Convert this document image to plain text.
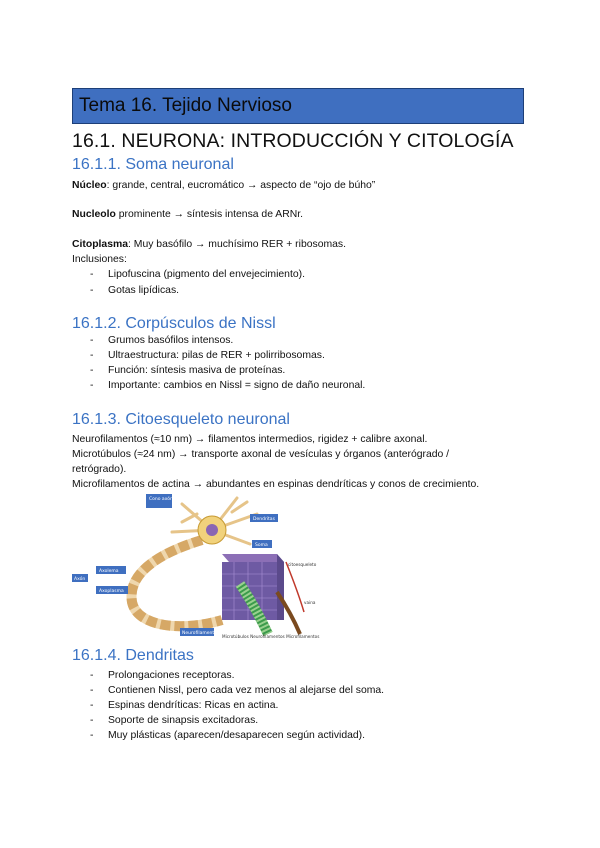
Tema 16. Tejido Nervioso
16.1. NEURONA: INTRODUCCIÓN Y CITOLOGÍA
16.1.1. Soma neuronal
Núcleo: grande, central, eucromático → aspecto de “ojo de búho”
Nucleolo prominente → síntesis intensa de ARNr.
Citoplasma: Muy basófilo → muchísimo RER + ribosomas.
Inclusiones:
- Lipofuscina (pigmento del envejecimiento).
- Gotas lipídicas.
16.1.2. Corpúsculos de Nissl
- Grumos basófilos intensos.
- Ultraestructura: pilas de RER + polirribosomas.
- Función: síntesis masiva de proteínas.
- Importante: cambios en Nissl = signo de daño neuronal.
16.1.3. Citoesqueleto neuronal
Neurofilamentos (≈10 nm) → filamentos intermedios, rigidez + calibre axonal.
Microtúbulos (≈24 nm) → transporte axonal de vesículas y órganos (anterógrado /
retrógrado).
Microfilamentos de actina → abundantes en espinas dendríticas y conos de crecimiento.
Cono axónico
Dendritas
Soma
Axón
Axolema
Axoplasma
Neurofilamentos
citoesqueleto
vaina
Microtúbulos Neurofilamentos Microfilamentos
16.1.4. Dendritas
- Prolongaciones receptoras.
- Contienen Nissl, pero cada vez menos al alejarse del soma.
- Espinas dendríticas: Ricas en actina.
- Soporte de sinapsis excitadoras.
- Muy plásticas (aparecen/desaparecen según actividad).
